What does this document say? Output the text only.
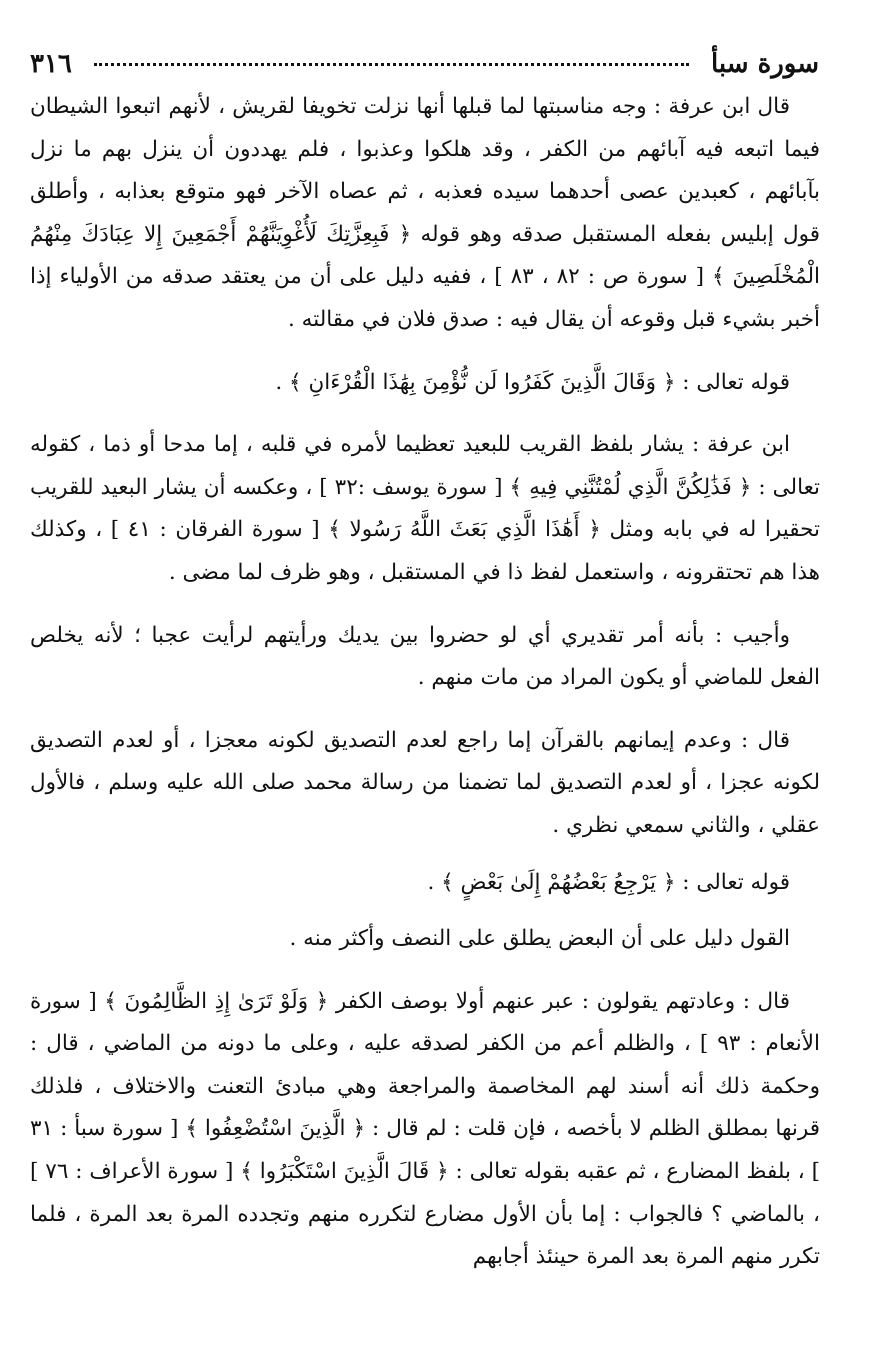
٣١٦	سورة سبأ

قال ابن عرفة : وجه مناسبتها لما قبلها أنها نزلت تخويفا لقريش ، لأنهم اتبعوا الشيطان فيما اتبعه فيه آبائهم من الكفر ، وقد هلكوا وعذبوا ، فلم يهددون أن ينزل بهم ما نزل بآبائهم ، كعبدين عصى أحدهما سيده فعذبه ، ثم عصاه الآخر فهو متوقع بعذابه ، وأطلق قول إبليس بفعله المستقبل صدقه وهو قوله ﴿ فَبِعِزَّتِكَ لَأُغْوِيَنَّهُمْ أَجْمَعِينَ إِلا عِبَادَكَ مِنْهُمُ الْمُخْلَصِينَ ﴾ [ سورة ص : ٨٢ ، ٨٣ ] ، ففيه دليل على أن من يعتقد صدقه من الأولياء إذا أخبر بشيء قبل وقوعه أن يقال فيه : صدق فلان في مقالته .

قوله تعالى : ﴿ وَقَالَ الَّذِينَ كَفَرُوا لَن نُّؤْمِنَ بِهَٰذَا الْقُرْءَانِ ﴾ .

ابن عرفة : يشار بلفظ القريب للبعيد تعظيما لأمره في قلبه ، إما مدحا أو ذما ، كقوله تعالى : ﴿ فَذَٰلِكُنَّ الَّذِي لُمْتُنَّنِي فِيهِ ﴾ [ سورة يوسف :٣٢ ] ، وعكسه أن يشار البعيد للقريب تحقيرا له في بابه ومثل ﴿ أَهَٰذَا الَّذِي بَعَثَ اللَّهُ رَسُولا ﴾ [ سورة الفرقان : ٤١ ] ، وكذلك هذا هم تحتقرونه ، واستعمل لفظ ذا في المستقبل ، وهو ظرف لما مضى .

وأجيب : بأنه أمر تقديري أي لو حضروا بين يديك ورأيتهم لرأيت عجبا ؛ لأنه يخلص الفعل للماضي أو يكون المراد من مات منهم .

قال : وعدم إيمانهم بالقرآن إما راجع لعدم التصديق لكونه معجزا ، أو لعدم التصديق لكونه عجزا ، أو لعدم التصديق لما تضمنا من رسالة محمد صلى الله عليه وسلم ، فالأول عقلي ، والثاني سمعي نظري .

قوله تعالى : ﴿ يَرْجِعُ بَعْضُهُمْ إِلَىٰ بَعْضٍ ﴾ .

القول دليل على أن البعض يطلق على النصف وأكثر منه .

قال : وعادتهم يقولون : عبر عنهم أولا بوصف الكفر ﴿ وَلَوْ تَرَىٰ إِذِ الظَّالِمُونَ ﴾ [ سورة الأنعام : ٩٣ ] ، والظلم أعم من الكفر لصدقه عليه ، وعلى ما دونه من الماضي ، قال : وحكمة ذلك أنه أسند لهم المخاصمة والمراجعة وهي مبادئ التعنت والاختلاف ، فلذلك قرنها بمطلق الظلم لا بأخصه ، فإن قلت : لم قال : ﴿ الَّذِينَ اسْتُضْعِفُوا ﴾ [ سورة سبأ : ٣١ ] ، بلفظ المضارع ، ثم عقبه بقوله تعالى : ﴿ قَالَ الَّذِينَ اسْتَكْبَرُوا ﴾ [ سورة الأعراف : ٧٦ ] ، بالماضي ؟ فالجواب : إما بأن الأول مضارع لتكرره منهم وتجدده المرة بعد المرة ، فلما تكرر منهم المرة بعد المرة حينئذ أجابهم
